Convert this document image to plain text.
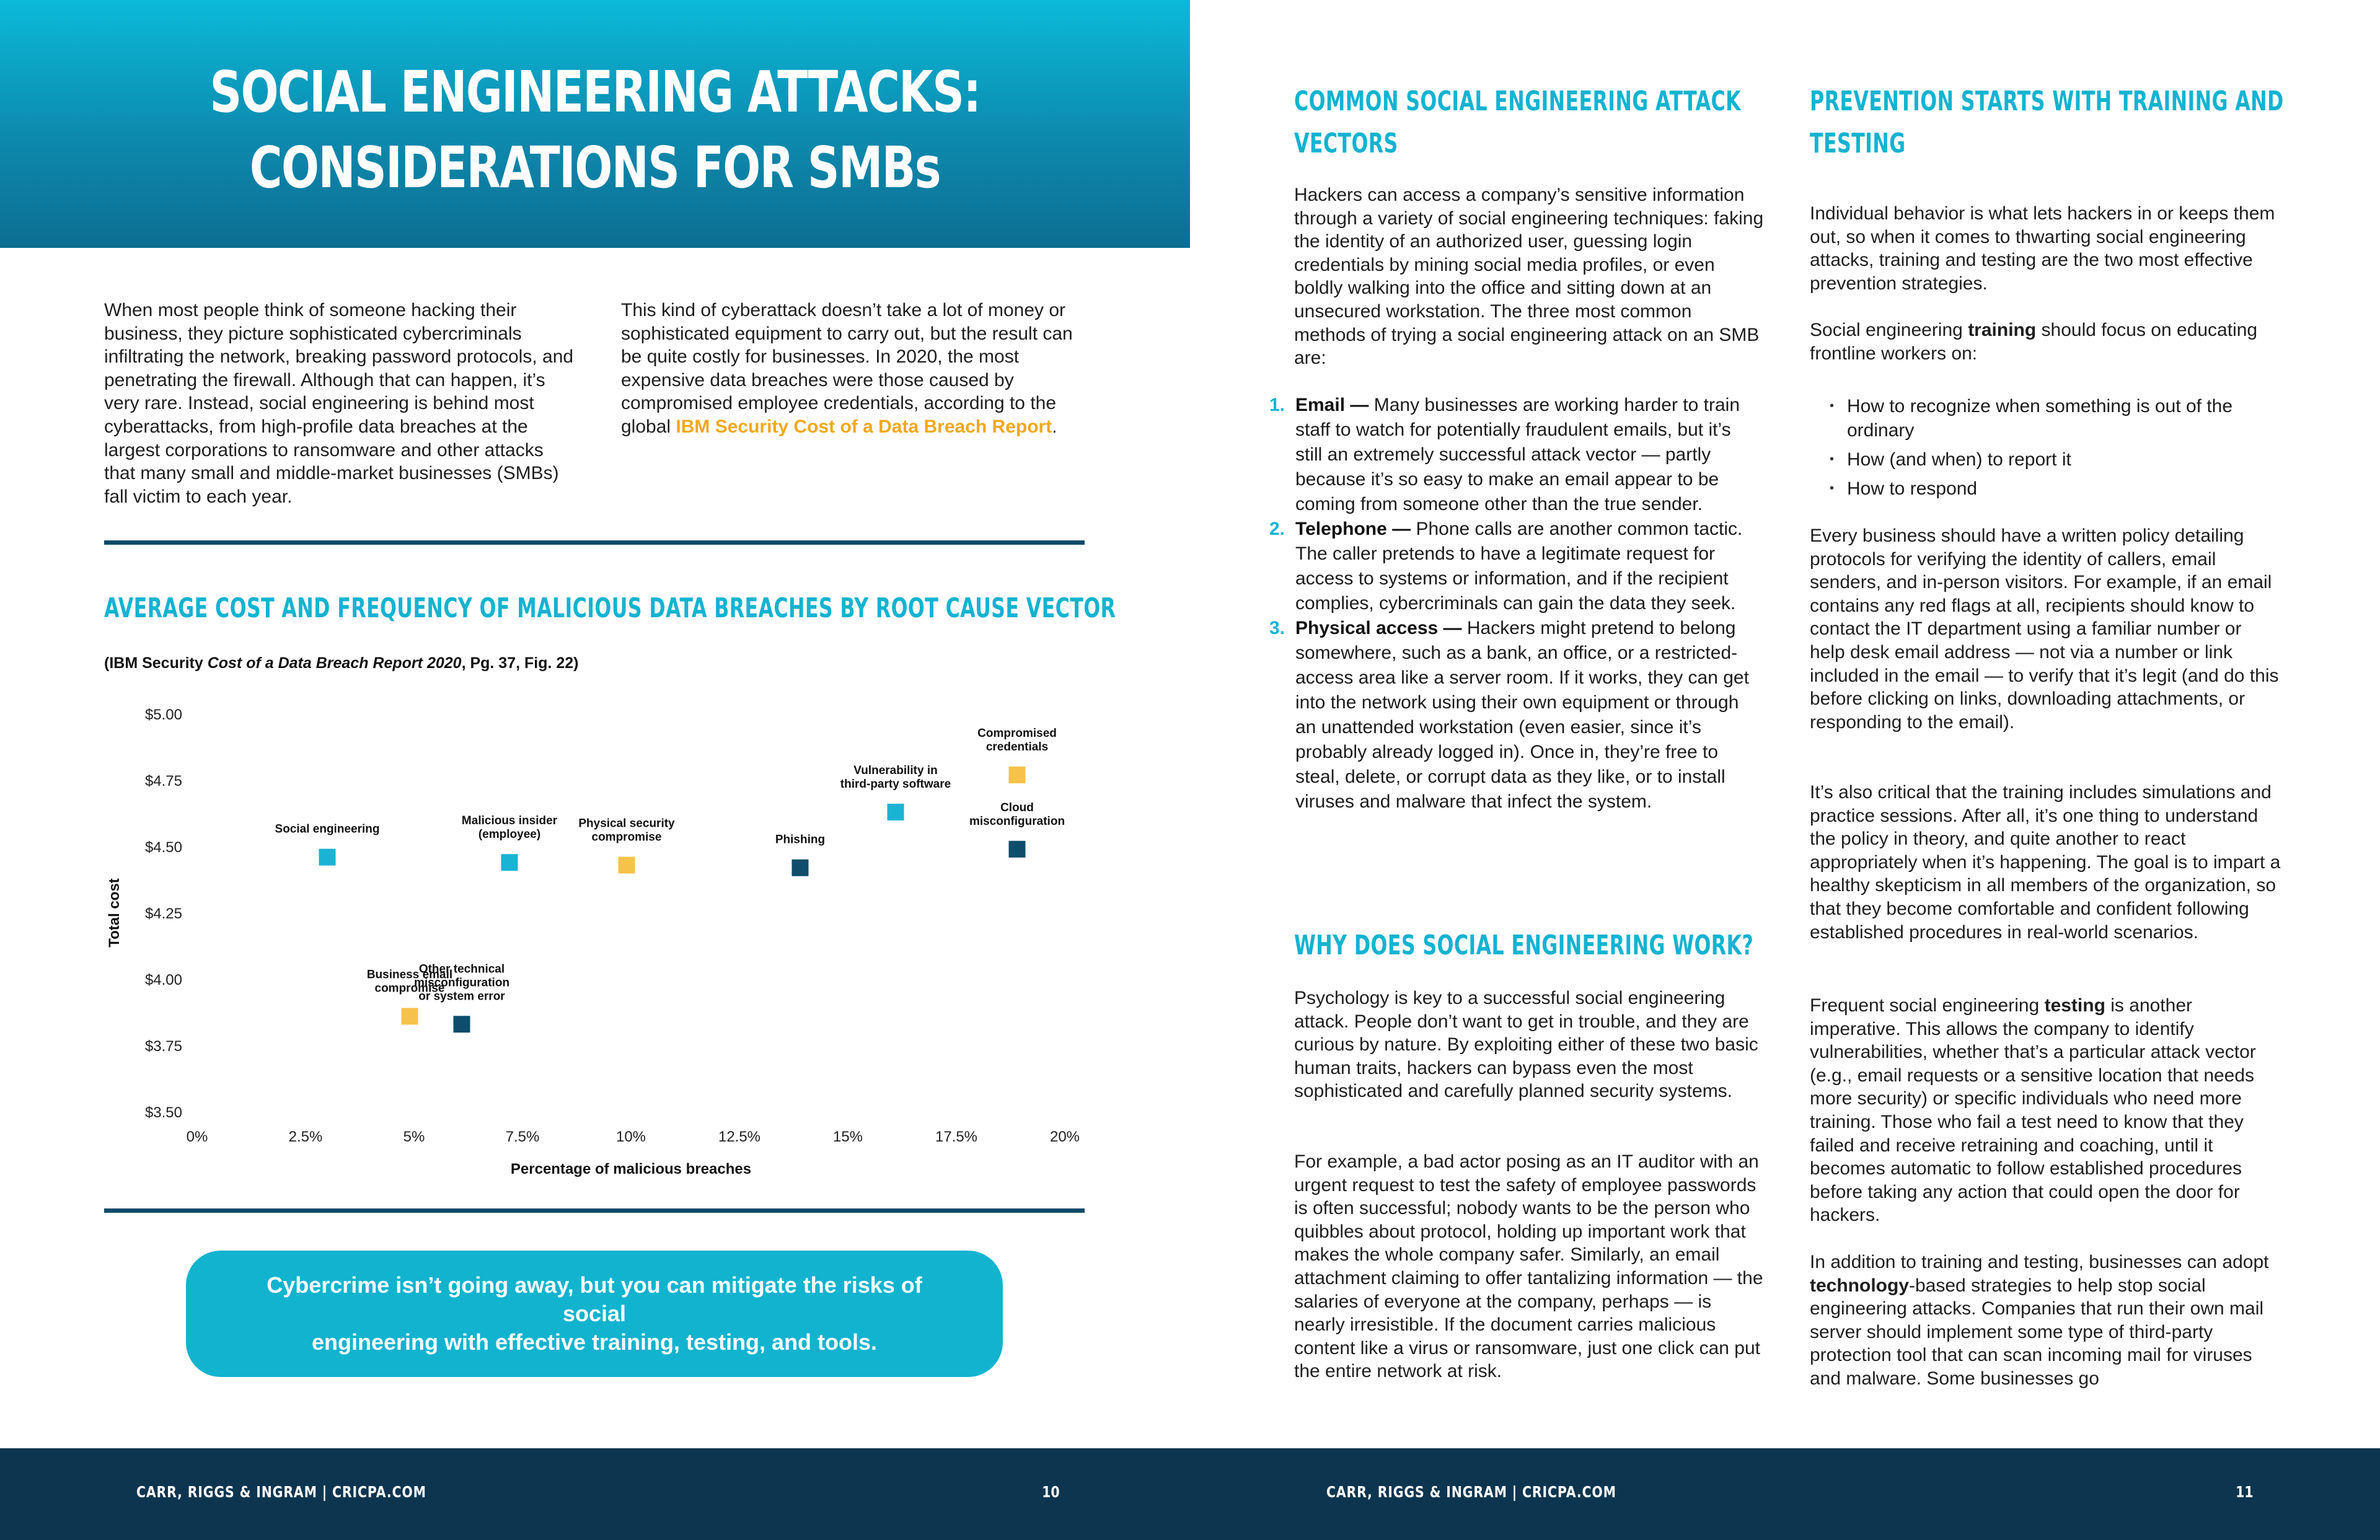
SOCIAL ENGINEERING ATTACKS:
CONSIDERATIONS FOR SMBs

When most people think of someone hacking their business, they picture sophisticated cybercriminals infiltrating the network, breaking password protocols, and penetrating the firewall. Although that can happen, it’s very rare. Instead, social engineering is behind most cyberattacks, from high-profile data breaches at the largest corporations to ransomware and other attacks that many small and middle-market businesses (SMBs) fall victim to each year.

This kind of cyberattack doesn’t take a lot of money or sophisticated equipment to carry out, but the result can be quite costly for businesses. In 2020, the most expensive data breaches were those caused by compromised employee credentials, according to the global IBM Security Cost of a Data Breach Report.

AVERAGE COST AND FREQUENCY OF MALICIOUS DATA BREACHES BY ROOT CAUSE VECTOR
(IBM Security Cost of a Data Breach Report 2020, Pg. 37, Fig. 22)
$3.50
$3.75
$4.00
$4.25
$4.50
$4.75
$5.00
0%	2.5%	5%	7.5%	10%	12.5%	15%	17.5%	20%
Percentage of malicious breaches
Total cost
Social engineering
Business email compromise
Other technical misconfiguration or system error
Malicious insider (employee)
Physical security compromise	Phishing
Vulnerability in third-party software
Cloud misconfiguration
Compromised credentials
Cybercrime isn’t going away, but you can mitigate the risks of social
engineering with effective training, testing, and tools.
CARR, RIGGS & INGRAM | CRICPA.COM	10
COMMON SOCIAL ENGINEERING ATTACK
VECTORS

Hackers can access a company’s sensitive information through a variety of social engineering techniques: faking the identity of an authorized user, guessing login credentials by mining social media profiles, or even boldly walking into the office and sitting down at an unsecured workstation. The three most common methods of trying a social engineering attack on an SMB are:

WHY DOES SOCIAL ENGINEERING WORK?

Psychology is key to a successful social engineering attack. People don’t want to get in trouble, and they are curious by nature. By exploiting either of these two basic human traits, hackers can bypass even the most sophisticated and carefully planned security systems.

For example, a bad actor posing as an IT auditor with an urgent request to test the safety of employee passwords is often successful; nobody wants to be the person who quibbles about protocol, holding up important work that makes the whole company safer. Similarly, an email attachment claiming to offer tantalizing information — the salaries of everyone at the company, perhaps — is nearly irresistible. If the document carries malicious content like a virus or ransomware, just one click can put the entire network at risk.

PREVENTION STARTS WITH TRAINING AND
TESTING

Individual behavior is what lets hackers in or keeps them out, so when it comes to thwarting social engineering attacks, training and testing are the two most effective prevention strategies.

Social engineering training should focus on educating frontline workers on:

Every business should have a written policy detailing protocols for verifying the identity of callers, email senders, and in-person visitors. For example, if an email contains any red flags at all, recipients should know to contact the IT department using a familiar number or help desk email address — not via a number or link included in the email — to verify that it’s legit (and do this before clicking on links, downloading attachments, or responding to the email).

It’s also critical that the training includes simulations and practice sessions. After all, it’s one thing to understand the policy in theory, and quite another to react appropriately when it’s happening. The goal is to impart a healthy skepticism in all members of the organization, so that they become comfortable and confident following established procedures in real-world scenarios.

Frequent social engineering testing is another imperative. This allows the company to identify vulnerabilities, whether that’s a particular attack vector (e.g., email requests or a sensitive location that needs more security) or specific individuals who need more training. Those who fail a test need to know that they failed and receive retraining and coaching, until it becomes automatic to follow established procedures before taking any action that could open the door for hackers.

In addition to training and testing, businesses can adopt technology-based strategies to help stop social engineering attacks. Companies that run their own mail server should implement some type of third-party protection tool that can scan incoming mail for viruses and malware. Some businesses go

CARR, RIGGS & INGRAM | CRICPA.COM	11
1. Email — Many businesses are working harder to train staff to watch for potentially fraudulent emails, but it’s still an extremely successful attack vector — partly because it’s so easy to make an email appear to be coming from someone other than the true sender.
2. Telephone — Phone calls are another common tactic. The caller pretends to have a legitimate request for access to systems or information, and if the recipient complies, cybercriminals can gain the data they seek.
3. Physical access — Hackers might pretend to belong somewhere, such as a bank, an office, or a restricted-access area like a server room. If it works, they can get into the network using their own equipment or through an unattended workstation (even easier, since it’s probably already logged in). Once in, they’re free to steal, delete, or corrupt data as they like, or to install viruses and malware that infect the system.
• How to recognize when something is out of the ordinary
• How (and when) to report it
• How to respond
